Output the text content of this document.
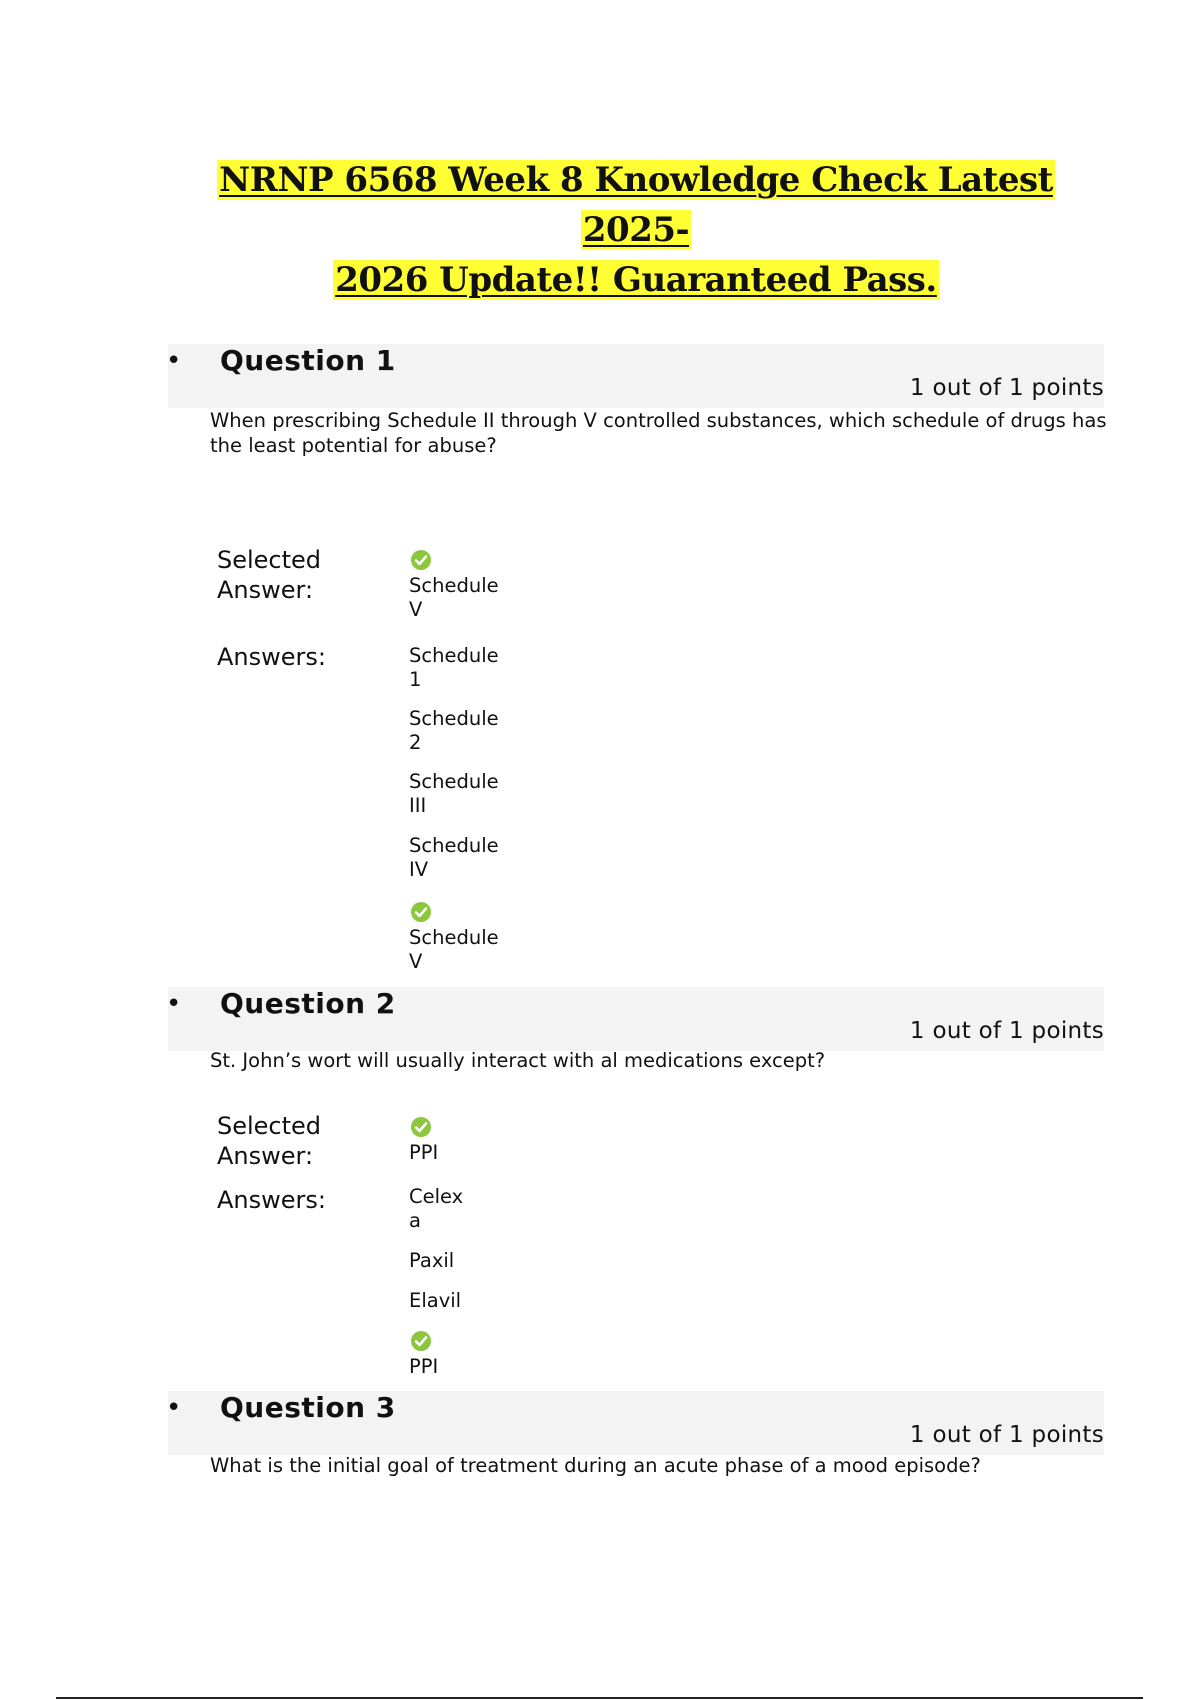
NRNP 6568 Week 8 Knowledge Check Latest 2025-
2026 Update!! Guaranteed Pass.
Question 1
1 out of 1 points
•
When prescribing Schedule II through V controlled substances, which schedule of drugs has the least potential for abuse?
Selected
Answer:	Schedule
V
Answers:	Schedule
1
Schedule
2
Schedule
III
Schedule
IV
Schedule
V
Question 2
1 out of 1 points
•
St. John’s wort will usually interact with al medications except?
Selected
Answer:	PPI
Answers:	Celex
a
Paxil
Elavil
PPI
Question 3
1 out of 1 points
•
What is the initial goal of treatment during an acute phase of a mood episode?
